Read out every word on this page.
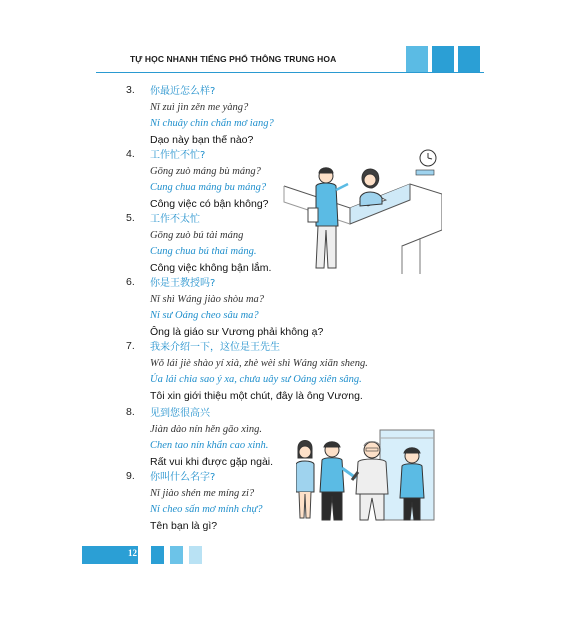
TỰ HỌC NHANH TIẾNG PHỔ THÔNG TRUNG HOA
3. 你最近怎么样?
Nǐ zuì jìn zěn me yàng?
Nỉ chuây chin chẩn mơ iang?
Dạo này bạn thế nào?
4. 工作忙不忙?
Gōng zuò máng bù máng?
Cung chua máng bu máng?
Công việc có bận không?
5. 工作不太忙
Gōng zuò bú tài máng
Cung chua bú thai máng.
Công việc không bận lắm.
6. 你是王教授吗?
Nǐ shì Wáng jiào shòu ma?
Nỉ sư Oáng cheo sâu ma?
Ông là giáo sư Vương phải không ạ?
7. 我来介绍一下，这位是王先生
Wǒ lái jiè shào yí xià, zhè wèi shì Wáng xiān sheng.
Ủa lái chia sao ý xa, chưa uây sư Oáng xiên sâng.
Tôi xin giới thiệu một chút, đây là ông Vương.
8. 见到您很高兴
Jiàn dào nín hěn gāo xìng.
Chen tao nín khẩn cao xinh.
Rất vui khi được gặp ngài.
9. 你叫什么名字?
Nǐ jiào shén me míng zi?
Nỉ cheo sấn mơ mính chự?
Tên bạn là gì?
12
